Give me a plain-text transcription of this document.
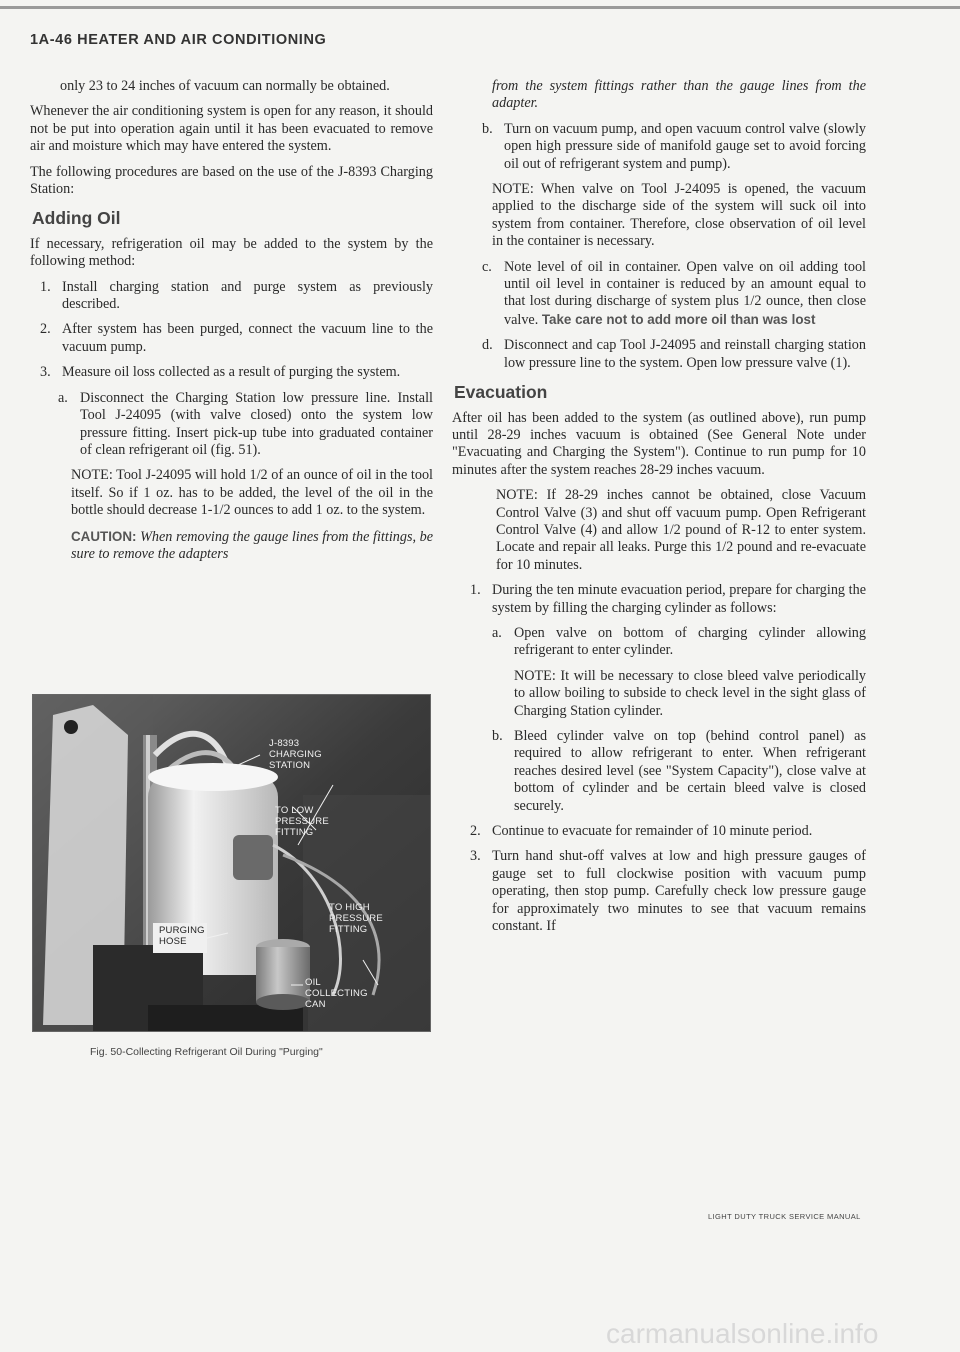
1A-46 HEATER AND AIR CONDITIONING

only 23 to 24 inches of vacuum can normally be obtained.

Whenever the air conditioning system is open for any reason, it should not be put into operation again until it has been evacuated to remove air and moisture which may have entered the system.

The following procedures are based on the use of the J-8393 Charging Station:

Adding Oil

If necessary, refrigeration oil may be added to the system by the following method:

1. Install charging station and purge system as previously described.
2. After system has been purged, connect the vacuum line to the vacuum pump.
3. Measure oil loss collected as a result of purging the system.
a. Disconnect the Charging Station low pressure line. Install Tool J-24095 (with valve closed) onto the system low pressure fitting. Insert pick-up tube into graduated container of clean refrigerant oil (fig. 51).

NOTE: Tool J-24095 will hold 1/2 of an ounce of oil in the tool itself. So if 1 oz. has to be added, the level of the oil in the bottle should decrease 1-1/2 ounces to add 1 oz. to the system.

CAUTION: When removing the gauge lines from the fittings, be sure to remove the adapters

J-8393
CHARGING
STATION
TO LOW
PRESSURE
FITTING
TO HIGH
PRESSURE
FITTING
PURGING
HOSE
OIL
COLLECTING
CAN
Fig. 50-Collecting Refrigerant Oil During "Purging"

from the system fittings rather than the gauge lines from the adapter.

b. Turn on vacuum pump, and open vacuum control valve (slowly open high pressure side of manifold gauge set to avoid forcing oil out of refrigerant system and pump).

NOTE: When valve on Tool J-24095 is opened, the vacuum applied to the discharge side of the system will suck oil into system from container. Therefore, close observation of oil level in the container is necessary.

c. Note level of oil in container. Open valve on oil adding tool until oil level in container is reduced by an amount equal to that lost during discharge of system plus 1/2 ounce, then close valve. Take care not to add more oil than was lost
d. Disconnect and cap Tool J-24095 and reinstall charging station low pressure line to the system. Open low pressure valve (1).
Evacuation

After oil has been added to the system (as outlined above), run pump until 28-29 inches vacuum is obtained (See General Note under "Evacuating and Charging the System"). Continue to run pump for 10 minutes after the system reaches 28-29 inches vacuum.

NOTE: If 28-29 inches cannot be obtained, close Vacuum Control Valve (3) and shut off vacuum pump. Open Refrigerant Control Valve (4) and allow 1/2 pound of R-12 to enter system. Locate and repair all leaks. Purge this 1/2 pound and re-evacuate for 10 minutes.

1. During the ten minute evacuation period, prepare for charging the system by filling the charging cylinder as follows:
a. Open valve on bottom of charging cylinder allowing refrigerant to enter cylinder.

NOTE: It will be necessary to close bleed valve periodically to allow boiling to subside to check level in the sight glass of Charging Station cylinder.

b. Bleed cylinder valve on top (behind control panel) as required to allow refrigerant to enter. When refrigerant reaches desired level (see "System Capacity"), close valve at bottom of cylinder and be certain bleed valve is closed securely.
2. Continue to evacuate for remainder of 10 minute period.
3. Turn hand shut-off valves at low and high pressure gauges of gauge set to full clockwise position with vacuum pump operating, then stop pump. Carefully check low pressure gauge for approximately two minutes to see that vacuum remains constant. If
LIGHT DUTY TRUCK SERVICE MANUAL
carmanualsonline.info
